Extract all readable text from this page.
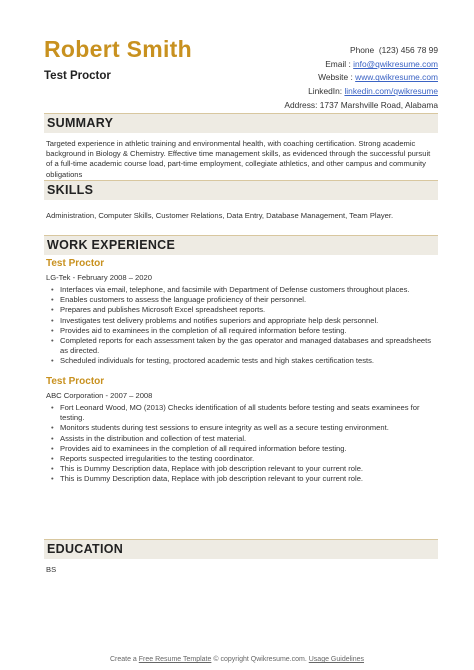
Robert Smith
Test Proctor
Phone (123) 456 78 99
Email : info@qwikresume.com
Website : www.qwikresume.com
LinkedIn: linkedin.com/qwikresume
Address: 1737 Marshville Road, Alabama
SUMMARY
Targeted experience in athletic training and environmental health, with coaching certification. Strong academic background in Biology & Chemistry. Effective time management skills, as evidenced through the successful pursuit of a full-time academic course load, part-time employment, collegiate athletics, and other campus and community obligations
SKILLS
Administration, Computer Skills, Customer Relations, Data Entry, Database Management, Team Player.
WORK EXPERIENCE
Test Proctor
LG-Tek - February 2008 – 2020
• Interfaces via email, telephone, and facsimile with Department of Defense customers throughout places.
• Enables customers to assess the language proficiency of their personnel.
• Prepares and publishes Microsoft Excel spreadsheet reports.
• Investigates test delivery problems and notifies superiors and appropriate help desk personnel.
• Provides aid to examinees in the completion of all required information before testing.
• Completed reports for each assessment taken by the gas operator and managed databases and spreadsheets as directed.
• Scheduled individuals for testing, proctored academic tests and high stakes certification tests.
Test Proctor
ABC Corporation - 2007 – 2008
• Fort Leonard Wood, MO (2013) Checks identification of all students before testing and seats examinees for testing.
• Monitors students during test sessions to ensure integrity as well as a secure testing environment.
• Assists in the distribution and collection of test material.
• Provides aid to examinees in the completion of all required information before testing.
• Reports suspected irregularities to the testing coordinator.
• This is Dummy Description data, Replace with job description relevant to your current role.
• This is Dummy Description data, Replace with job description relevant to your current role.
EDUCATION
BS
Create a Free Resume Template © copyright Qwikresume.com. Usage Guidelines
